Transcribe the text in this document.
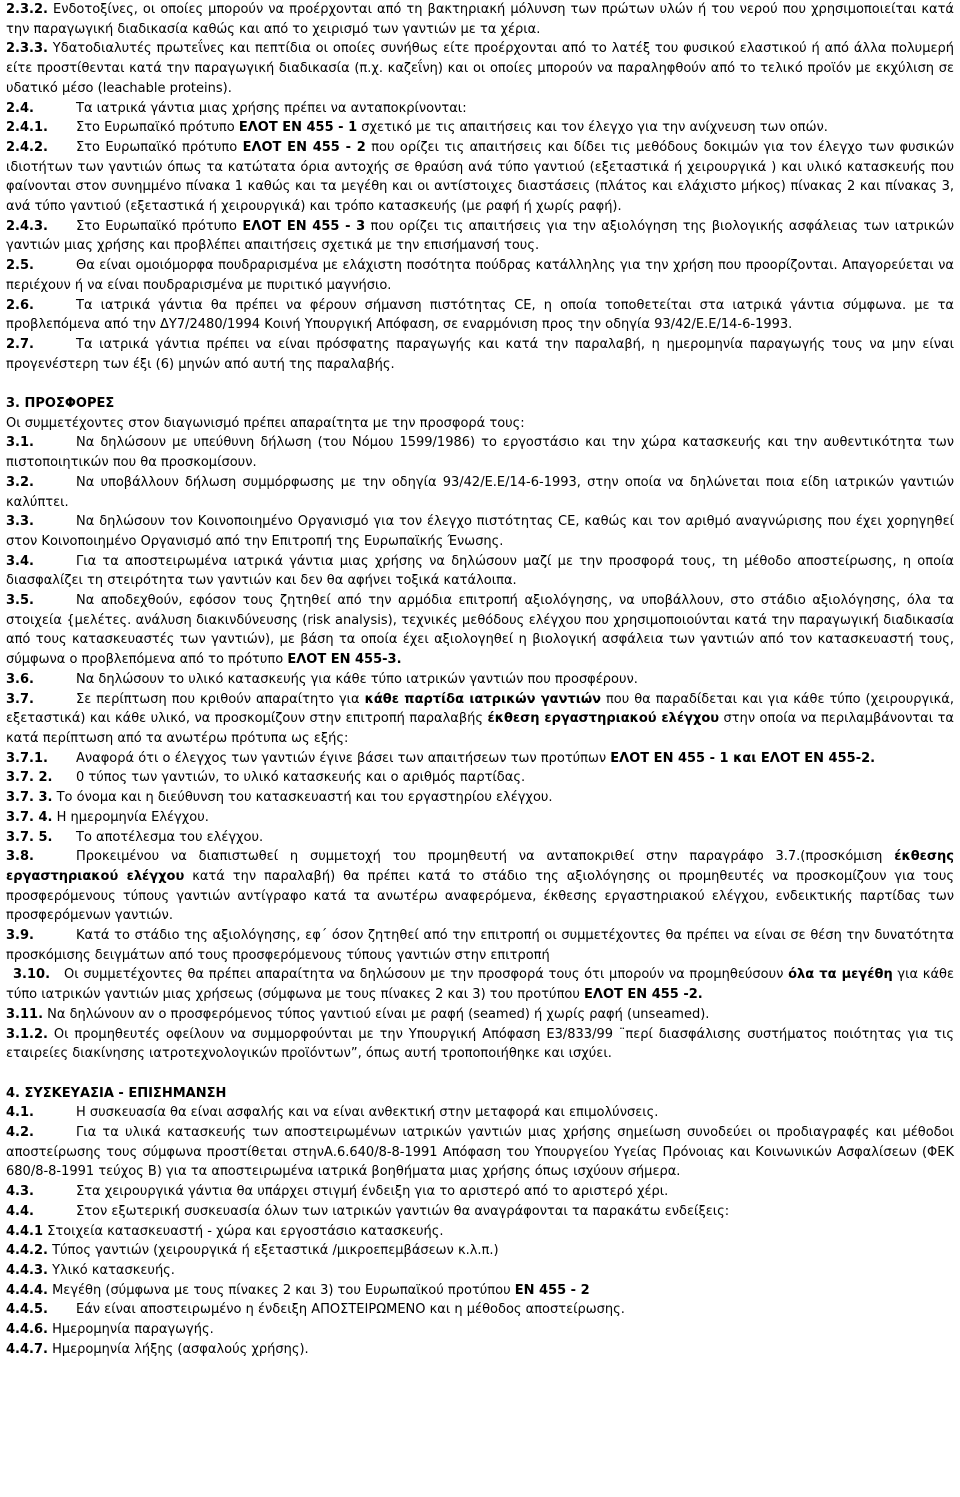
2.3.2. Ενδοτοξίνες, οι οποίες μπορούν να προέρχονται από τη βακτηριακή μόλυνση των πρώτων υλών ή του νερού που χρησιμοποιείται κατά την παραγωγική διαδικασία καθώς και από το χειρισμό των γαντιών με τα χέρια.

2.3.3. Υδατοδιαλυτές πρωτεΐνες και πεπτίδια οι οποίες συνήθως είτε προέρχονται από το λατέξ του φυσικού ελαστικού ή από άλλα πολυμερή είτε προστίθενται κατά την παραγωγική διαδικασία (π.χ. καζεΐνη) και οι οποίες μπορούν να παραληφθούν από το τελικό προϊόν με εκχύλιση σε υδατικό μέσο (leachable proteins).

2.4.	Τα ιατρικά γάντια μιας χρήσης πρέπει να ανταποκρίνονται:

2.4.1. Στο Ευρωπαϊκό πρότυπο ΕΛΟΤ ΕΝ 455 - 1 σχετικό με τις απαιτήσεις και τον έλεγχο για την ανίχνευση των οπών.

2.4.2. Στο Ευρωπαϊκό πρότυπο ΕΛΟΤ ΕΝ 455 - 2 που ορίζει τις απαιτήσεις και δίδει τις μεθόδους δοκιμών για τον έλεγχο των φυσικών ιδιοτήτων των γαντιών όπως τα κατώτατα όρια αντοχής σε θραύση ανά τύπο γαντιού (εξεταστικά ή χειρουργικά ) και υλικό κατασκευής που φαίνονται στον συνημμένο πίνακα 1 καθώς και τα μεγέθη και οι αντίστοιχες διαστάσεις (πλάτος και ελάχιστο μήκος) πίνακας 2 και πίνακας 3, ανά τύπο γαντιού (εξεταστικά ή χειρουργικά) και τρόπο κατασκευής (με ραφή ή χωρίς ραφή).

2.4.3. Στο Ευρωπαϊκό πρότυπο ΕΛΟΤ ΕΝ 455 - 3 που ορίζει τις απαιτήσεις για την αξιολόγηση της βιολογικής ασφάλειας των ιατρικών γαντιών μιας χρήσης και προβλέπει απαιτήσεις σχετικά με την επισήμανσή τους.

2.5.	Θα είναι ομοιόμορφα πουδραρισμένα με ελάχιστη ποσότητα πούδρας κατάλληλης για την χρήση που προορίζονται. Απαγορεύεται να περιέχουν ή να είναι πουδραρισμένα με πυριτικό μαγνήσιο.

2.6.	Τα ιατρικά γάντια θα πρέπει να φέρουν σήμανση πιστότητας CE, η οποία τοποθετείται στα ιατρικά γάντια σύμφωνα. με τα προβλεπόμενα από την ΔΥ7/2480/1994 Κοινή Υπουργική Απόφαση, σε εναρμόνιση προς την οδηγία 93/42/Ε.Ε/14-6-1993.

2.7.	Τα ιατρικά γάντια πρέπει να είναι πρόσφατης παραγωγής και κατά την παραλαβή, η ημερομηνία παραγωγής τους να μην είναι προγενέστερη των έξι (6) μηνών από αυτή της παραλαβής.

3. ΠΡΟΣΦΟΡΕΣ

Οι συμμετέχοντες στον διαγωνισμό πρέπει απαραίτητα με την προσφορά τους:

3.1.	Να δηλώσουν με υπεύθυνη δήλωση (του Νόμου 1599/1986) το εργοστάσιο και την χώρα κατασκευής και την αυθεντικότητα των πιστοποιητικών που θα προσκομίσουν.

3.2.	Να υποβάλλουν δήλωση συμμόρφωσης με την οδηγία 93/42/Ε.Ε/14-6-1993, στην οποία να δηλώνεται ποια είδη ιατρικών γαντιών καλύπτει.

3.3.	Να δηλώσουν τον Κοινοποιημένο Οργανισμό για τον έλεγχο πιστότητας CE, καθώς και τον αριθμό αναγνώρισης που έχει χορηγηθεί στον Κοινοποιημένο Οργανισμό από την Επιτροπή της Ευρωπαϊκής Ένωσης.

3.4.	Για τα αποστειρωμένα ιατρικά γάντια μιας χρήσης να δηλώσουν μαζί με την προσφορά τους, τη μέθοδο αποστείρωσης, η οποία διασφαλίζει τη στειρότητα των γαντιών και δεν θα αφήνει τοξικά κατάλοιπα.

3.5.	Να αποδεχθούν, εφόσον τους ζητηθεί από την αρμόδια επιτροπή αξιολόγησης, να υποβάλλουν, στο στάδιο αξιολόγησης, όλα τα στοιχεία {μελέτες. ανάλυση διακινδύνευσης (risk analysis), τεχνικές μεθόδους ελέγχου που χρησιμοποιούνται κατά την παραγωγική διαδικασία από τους κατασκευαστές των γαντιών), με βάση τα οποία έχει αξιολογηθεί η βιολογική ασφάλεια των γαντιών από τον κατασκευαστή τους, σύμφωνα ο προβλεπόμενα από το πρότυπο ΕΛΟΤ ΕΝ 455-3.

3.6.	Να δηλώσουν το υλικό κατασκευής για κάθε τύπο ιατρικών γαντιών που προσφέρουν.

3.7.	Σε περίπτωση που κριθούν απαραίτητο για κάθε παρτίδα ιατρικών γαντιών που θα παραδίδεται και για κάθε τύπο (χειρουργικά, εξεταστικά) και κάθε υλικό, να προσκομίζουν στην επιτροπή παραλαβής έκθεση εργαστηριακού ελέγχου στην οποία να περιλαμβάνονται τα κατά περίπτωση από τα ανωτέρω πρότυπα ως εξής:

3.7.1. Αναφορά ότι ο έλεγχος των γαντιών έγινε βάσει των απαιτήσεων των προτύπων ΕΛΟΤ ΕΝ 455 - 1 και ΕΛΟΤ ΕΝ 455-2.

3.7. 2. 0 τύπος των γαντιών, το υλικό κατασκευής και ο αριθμός παρτίδας.

3.7. 3. Το όνομα και η διεύθυνση του κατασκευαστή και του εργαστηρίου ελέγχου.

3.7. 4. Η ημερομηνία Ελέγχου.

3.7. 5. Το αποτέλεσμα του ελέγχου.

3.8.	Προκειμένου να διαπιστωθεί η συμμετοχή του προμηθευτή να ανταποκριθεί στην παραγράφο 3.7.(προσκόμιση έκθεσης εργαστηριακού ελέγχου κατά την παραλαβή) θα πρέπει κατά το στάδιο της αξιολόγησης οι προμηθευτές να προσκομίζουν για τους προσφερόμενους τύπους γαντιών αντίγραφο κατά τα ανωτέρω αναφερόμενα, έκθεσης εργαστηριακού ελέγχου, ενδεικτικής παρτίδας των προσφερόμενων γαντιών.

3.9.	Κατά το στάδιο της αξιολόγησης, εφ΄ όσον ζητηθεί από την επιτροπή οι συμμετέχοντες θα πρέπει να είναι σε θέση την δυνατότητα προσκόμισης δειγμάτων από τους προσφερόμενους τύπους γαντιών στην επιτροπή

3.10. Οι συμμετέχοντες θα πρέπει απαραίτητα να δηλώσουν με την προσφορά τους ότι μπορούν να προμηθεύσουν όλα τα μεγέθη για κάθε τύπο ιατρικών γαντιών μιας χρήσεως (σύμφωνα με τους πίνακες 2 και 3) του προτύπου ΕΛΟΤ ΕΝ 455 -2.

3.11. Να δηλώνουν αν ο προσφερόμενος τύπος γαντιού είναι με ραφή (seamed) ή χωρίς ραφή (unseamed).

3.1.2. Οι προμηθευτές οφείλουν να συμμορφούνται με την Υπουργική Απόφαση Ε3/833/99 ¨περί διασφάλισης συστήματος ποιότητας για τις εταιρείες διακίνησης ιατροτεχνολογικών προϊόντων”, όπως αυτή τροποποιήθηκε και ισχύει.

4. ΣΥΣΚΕΥΑΣΙΑ - ΕΠΙΣΗΜΑΝΣΗ

4.1.	Η συσκευασία θα είναι ασφαλής και να είναι ανθεκτική στην μεταφορά και επιμολύνσεις.

4.2.	Για τα υλικά κατασκευής των αποστειρωμένων ιατρικών γαντιών μιας χρήσης σημείωση συνοδεύει οι προδιαγραφές και μέθοδοι αποστείρωσης τους σύμφωνα προστίθεται στηνΑ.6.640/8-8-1991 Απόφαση του Υπουργείου Υγείας Πρόνοιας και Κοινωνικών Ασφαλίσεων (ΦΕΚ 680/8-8-1991 τεύχος Β) για τα αποστειρωμένα ιατρικά βοηθήματα μιας χρήσης όπως ισχύουν σήμερα.

4.3.	Στα χειρουργικά γάντια θα υπάρχει στιγμή ένδειξη για το αριστερό από το αριστερό χέρι.

4.4.	Στον εξωτερική συσκευασία όλων των ιατρικών γαντιών θα αναγράφονται τα παρακάτω ενδείξεις:

4.4.1 Στοιχεία κατασκευαστή - χώρα και εργοστάσιο κατασκευής.

4.4.2. Τύπος γαντιών (χειρουργικά ή εξεταστικά /μικροεπεμβάσεων κ.λ.π.)

4.4.3. Υλικό κατασκευής.

4.4.4. Μεγέθη (σύμφωνα με τους πίνακες 2 και 3) του Ευρωπαϊκού προτύπου ΕΝ 455 - 2

4.4.5. Εάν είναι αποστειρωμένο η ένδειξη ΑΠΟΣΤΕΙΡΩΜΕΝΟ και η μέθοδος αποστείρωσης.

4.4.6. Ημερομηνία παραγωγής.

4.4.7. Ημερομηνία λήξης (ασφαλούς χρήσης).
